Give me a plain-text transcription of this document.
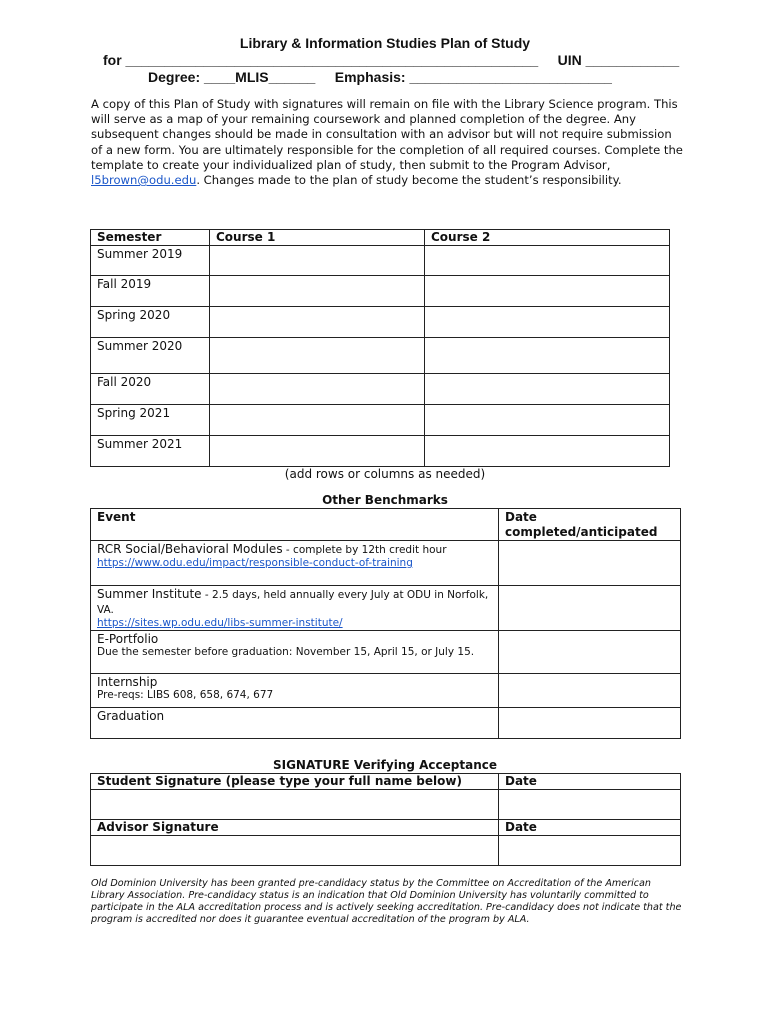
Library & Information Studies Plan of Study
for _____________________________________________________     UIN ____________
Degree: ____MLIS______     Emphasis: __________________________
A copy of this Plan of Study with signatures will remain on file with the Library Science program. This will serve as a map of your remaining coursework and planned completion of the degree. Any subsequent changes should be made in consultation with an advisor but will not require submission of a new form. You are ultimately responsible for the completion of all required courses. Complete the template to create your individualized plan of study, then submit to the Program Advisor, l5brown@odu.edu. Changes made to the plan of study become the student’s responsibility.
Semester	Course 1	Course 2
Summer 2019		
Fall 2019		
Spring 2020		
Summer 2020		
Fall 2020		
Spring 2021		
Summer 2021		
(add rows or columns as needed)
Other Benchmarks
Event	Date completed/anticipated

RCR Social/Behavioral Modules - complete by 12th credit hour
https://www.odu.edu/impact/responsible-conduct-of-training	

Summer Institute - 2.5 days, held annually every July at ODU in Norfolk, VA.
https://sites.wp.odu.edu/libs-summer-institute/	

E-Portfolio
Due the semester before graduation: November 15, April 15, or July 15.	

Internship
Pre-reqs: LIBS 608, 658, 674, 677	

Graduation	

SIGNATURE Verifying Acceptance
Student Signature (please type your full name below)	Date

Advisor Signature	Date

Old Dominion University has been granted pre-candidacy status by the Committee on Accreditation of the American Library Association. Pre-candidacy status is an indication that Old Dominion University has voluntarily committed to participate in the ALA accreditation process and is actively seeking accreditation. Pre-candidacy does not indicate that the program is accredited nor does it guarantee eventual accreditation of the program by ALA.
